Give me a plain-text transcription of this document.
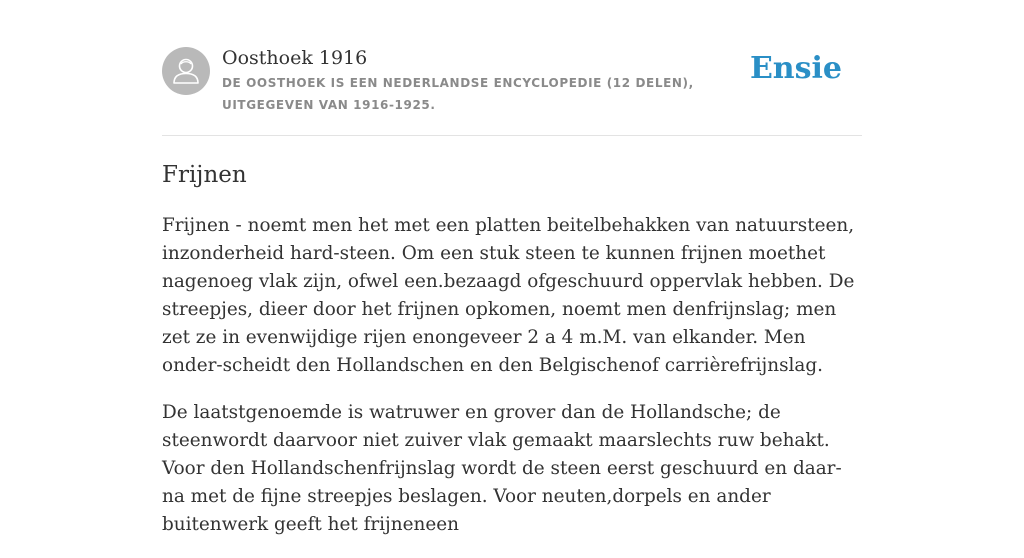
Oosthoek 1916
DE OOSTHOEK IS EEN NEDERLANDSE ENCYCLOPEDIE (12 DELEN), UITGEGEVEN VAN 1916-1925.
Ensie
Frijnen

Frijnen - noemt men het met een platten beitelbehakken van natuursteen, inzonderheid hard-steen. Om een stuk steen te kunnen frijnen moethet nagenoeg vlak zijn, ofwel een.bezaagd ofgeschuurd oppervlak hebben. De streepjes, dieer door het frijnen opkomen, noemt men denfrijnslag; men zet ze in evenwijdige rijen enongeveer 2 a 4 m.M. van elkander. Men onder-scheidt den Hollandschen en den Belgischenof carrièrefrijnslag.

De laatstgenoemde is watruwer en grover dan de Hollandsche; de steenwordt daarvoor niet zuiver vlak gemaakt maarslechts ruw behakt. Voor den Hollandschenfrijnslag wordt de steen eerst geschuurd en daar-na met de fijne streepjes beslagen. Voor neuten,dorpels en ander buitenwerk geeft het frijneneen
